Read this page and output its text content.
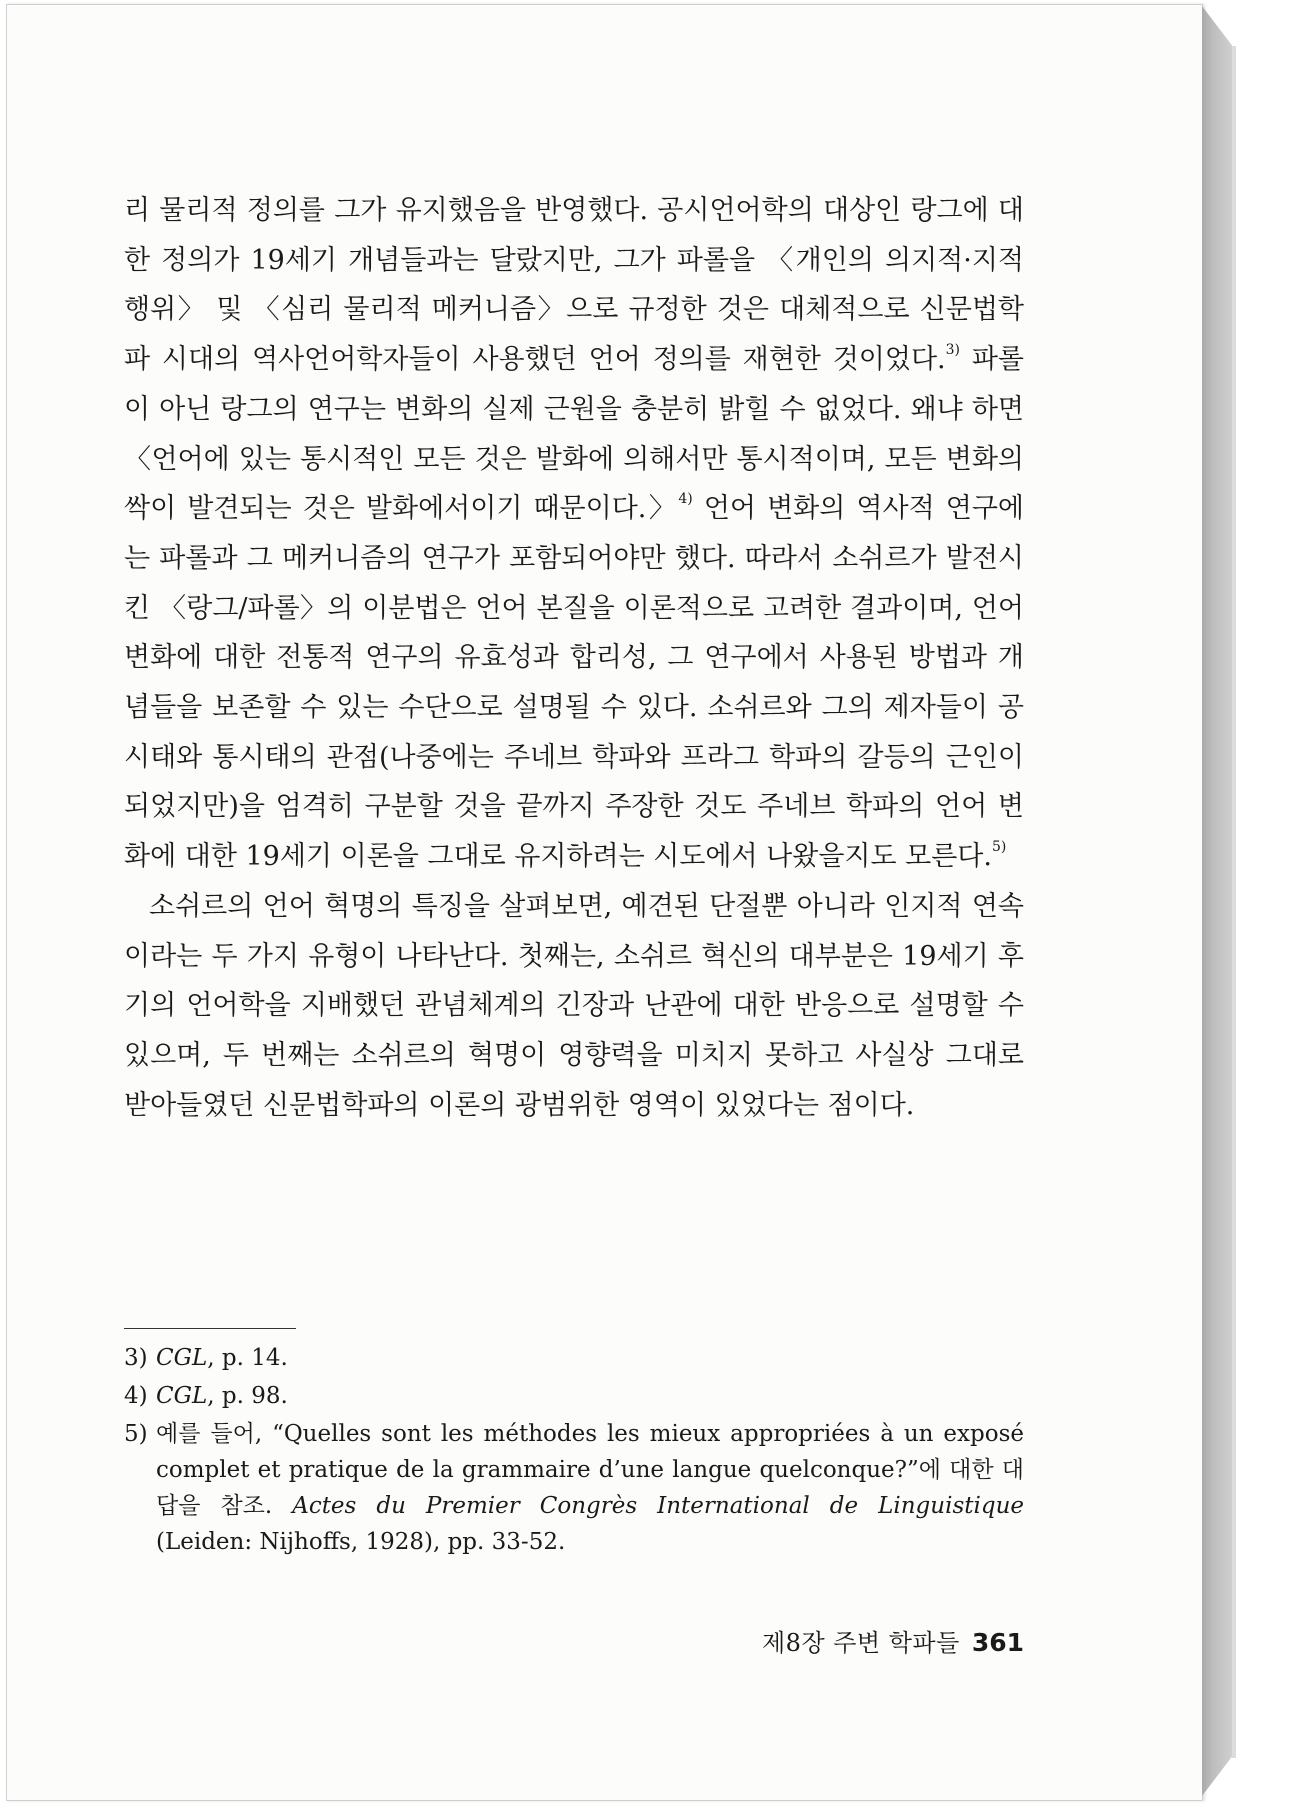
리 물리적 정의를 그가 유지했음을 반영했다. 공시언어학의 대상인 랑그에 대한 정의가 19세기 개념들과는 달랐지만, 그가 파롤을 〈개인의 의지적·지적 행위〉 및 〈심리 물리적 메커니즘〉으로 규정한 것은 대체적으로 신문법학파 시대의 역사언어학자들이 사용했던 언어 정의를 재현한 것이었다.$^{3)}$ 파롤이 아닌 랑그의 연구는 변화의 실제 근원을 충분히 밝힐 수 없었다. 왜냐 하면 〈언어에 있는 통시적인 모든 것은 발화에 의해서만 통시적이며, 모든 변화의 싹이 발견되는 것은 발화에서이기 때문이다.〉$^{4)}$ 언어 변화의 역사적 연구에는 파롤과 그 메커니즘의 연구가 포함되어야만 했다. 따라서 소쉬르가 발전시킨 〈랑그/파롤〉의 이분법은 언어 본질을 이론적으로 고려한 결과이며, 언어 변화에 대한 전통적 연구의 유효성과 합리성, 그 연구에서 사용된 방법과 개념들을 보존할 수 있는 수단으로 설명될 수 있다. 소쉬르와 그의 제자들이 공시태와 통시태의 관점(나중에는 주네브 학파와 프라그 학파의 갈등의 근인이 되었지만)을 엄격히 구분할 것을 끝까지 주장한 것도 주네브 학파의 언어 변화에 대한 19세기 이론을 그대로 유지하려는 시도에서 나왔을지도 모른다.$^{5)}$

소쉬르의 언어 혁명의 특징을 살펴보면, 예견된 단절뿐 아니라 인지적 연속이라는 두 가지 유형이 나타난다. 첫째는, 소쉬르 혁신의 대부분은 19세기 후기의 언어학을 지배했던 관념체계의 긴장과 난관에 대한 반응으로 설명할 수 있으며, 두 번째는 소쉬르의 혁명이 영향력을 미치지 못하고 사실상 그대로 받아들였던 신문법학파의 이론의 광범위한 영역이 있었다는 점이다.

3) CGL, p. 14.
4) CGL, p. 98.
5) 예를 들어, “Quelles sont les méthodes les mieux appropriées à un exposé complet et pratique de la grammaire d’une langue quelconque?”에 대한 대답을 참조. Actes du Premier Congrès International de Linguistique (Leiden: Nijhoffs, 1928), pp. 33-52.
제8장 주변 학파들 361
